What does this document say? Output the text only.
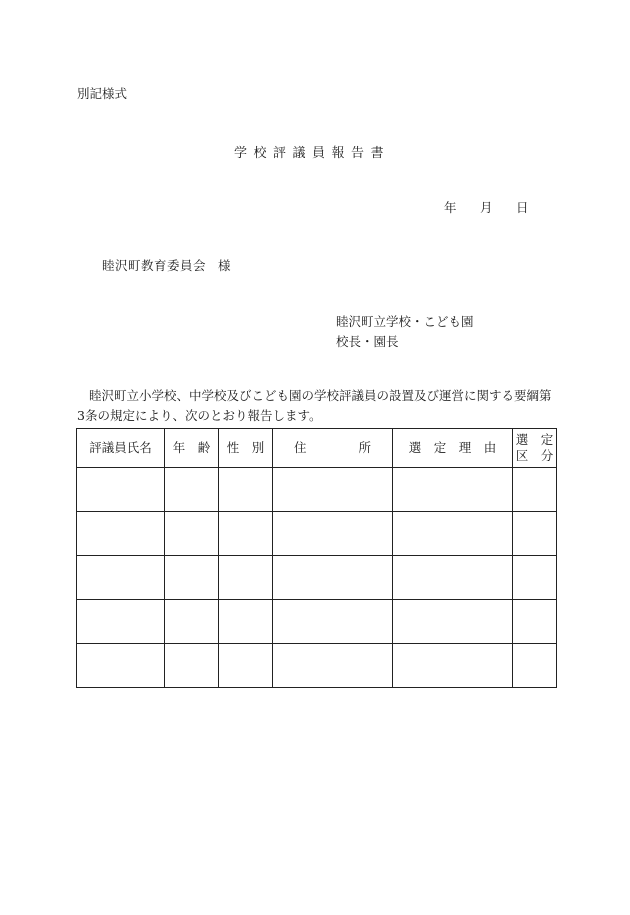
別記様式
学校評議員報告書
年	月	日
睦沢町教育委員会 様
睦沢町立学校・こども園
校長・園長
睦沢町立小学校、中学校及びこども園の学校評議員の設置及び運営に関する要綱第3条の規定により、次のとおり報告します。
評議員氏名	年　齢	性　別	住 所	選　定　理　由	選　定
区　分
